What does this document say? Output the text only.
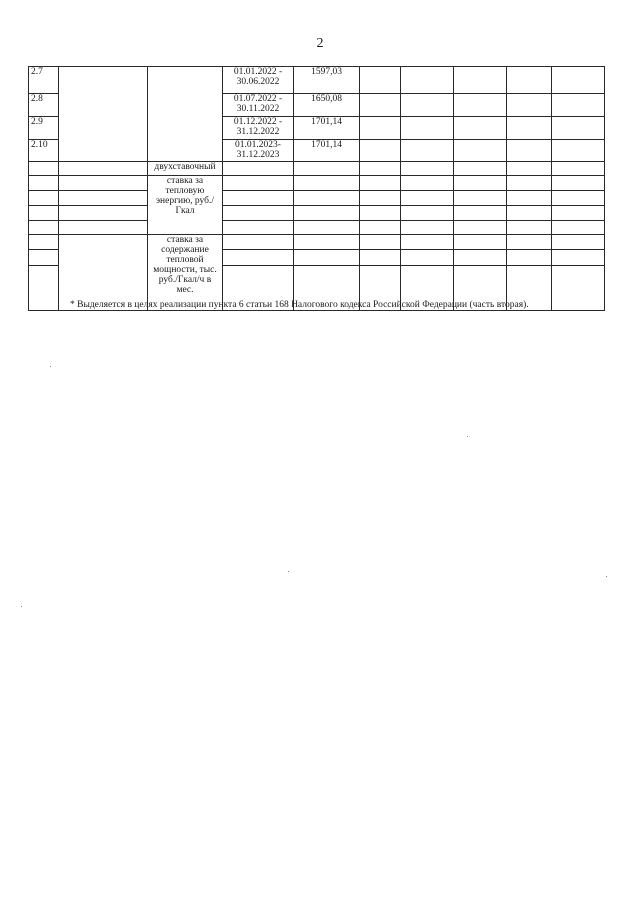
2
2.7			01.01.2022 - 30.06.2022	1597,03					
2.8			01.07.2022 - 30.11.2022	1650,08					
2.9			01.12.2022 - 31.12.2022	1701,14					
2.10			01.01.2023- 31.12.2023	1701,14					
		двухставочный							
		ставка за тепловую энергию, руб./Гкал							

		ставка за содержание тепловой мощности, тыс. руб./Гкал/ч в мес.							

* Выделяется в целях реализации пункта 6 статьи 168 Налогового кодекса Российской Федерации (часть вторая).
